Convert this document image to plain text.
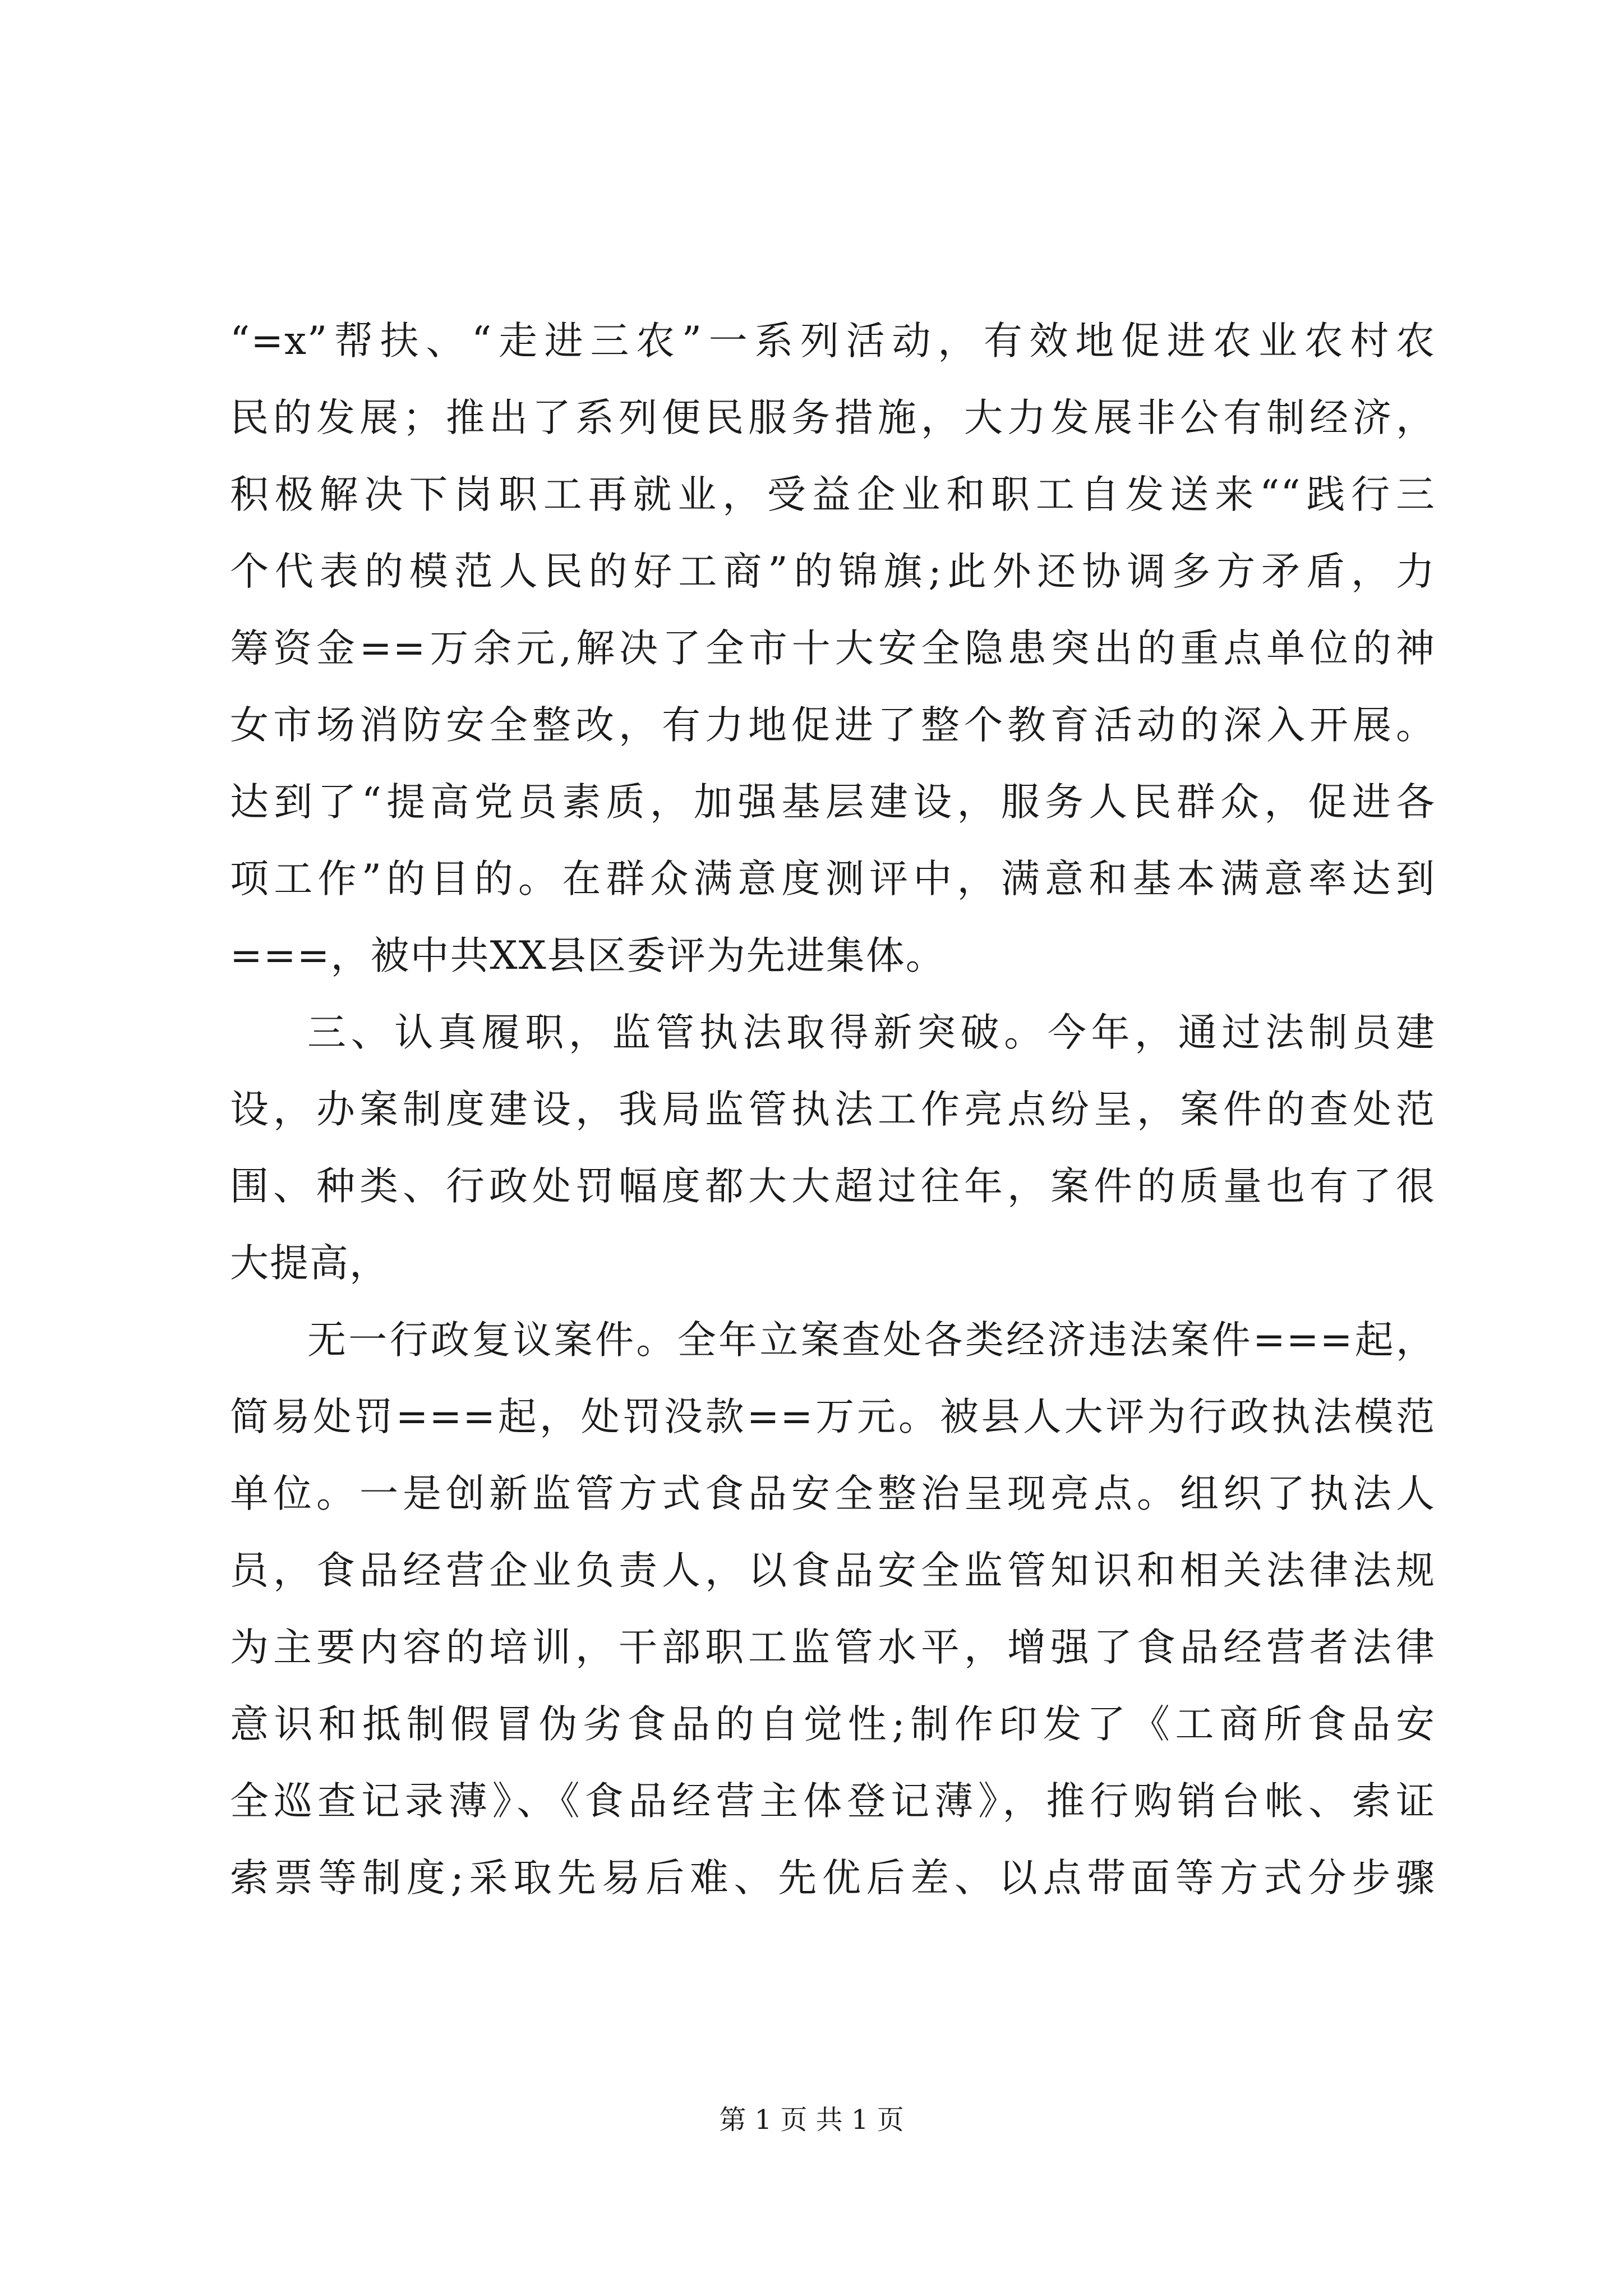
“=x”帮扶、“走进三农”一系列活动，有效地促进农业农村农
民的发展；推出了系列便民服务措施，大力发展非公有制经济，
积极解决下岗职工再就业，受益企业和职工自发送来““践行三
个代表的模范人民的好工商”的锦旗;此外还协调多方矛盾，力
筹资金==万余元,解决了全市十大安全隐患突出的重点单位的神
女市场消防安全整改，有力地促进了整个教育活动的深入开展。
达到了“提高党员素质，加强基层建设，服务人民群众，促进各
项工作”的目的。在群众满意度测评中，满意和基本满意率达到
===，被中共XX县区委评为先进集体。
三、认真履职，监管执法取得新突破。今年，通过法制员建
设，办案制度建设，我局监管执法工作亮点纷呈，案件的查处范
围、种类、行政处罚幅度都大大超过往年，案件的质量也有了很
大提高，
无一行政复议案件。全年立案查处各类经济违法案件===起，
简易处罚===起，处罚没款==万元。被县人大评为行政执法模范
单位。一是创新监管方式食品安全整治呈现亮点。组织了执法人
员，食品经营企业负责人，以食品安全监管知识和相关法律法规
为主要内容的培训，干部职工监管水平，增强了食品经营者法律
意识和抵制假冒伪劣食品的自觉性;制作印发了《工商所食品安
全巡查记录薄》、《食品经营主体登记薄》，推行购销台帐、索证
索票等制度;采取先易后难、先优后差、以点带面等方式分步骤
第 1 页 共 1 页
